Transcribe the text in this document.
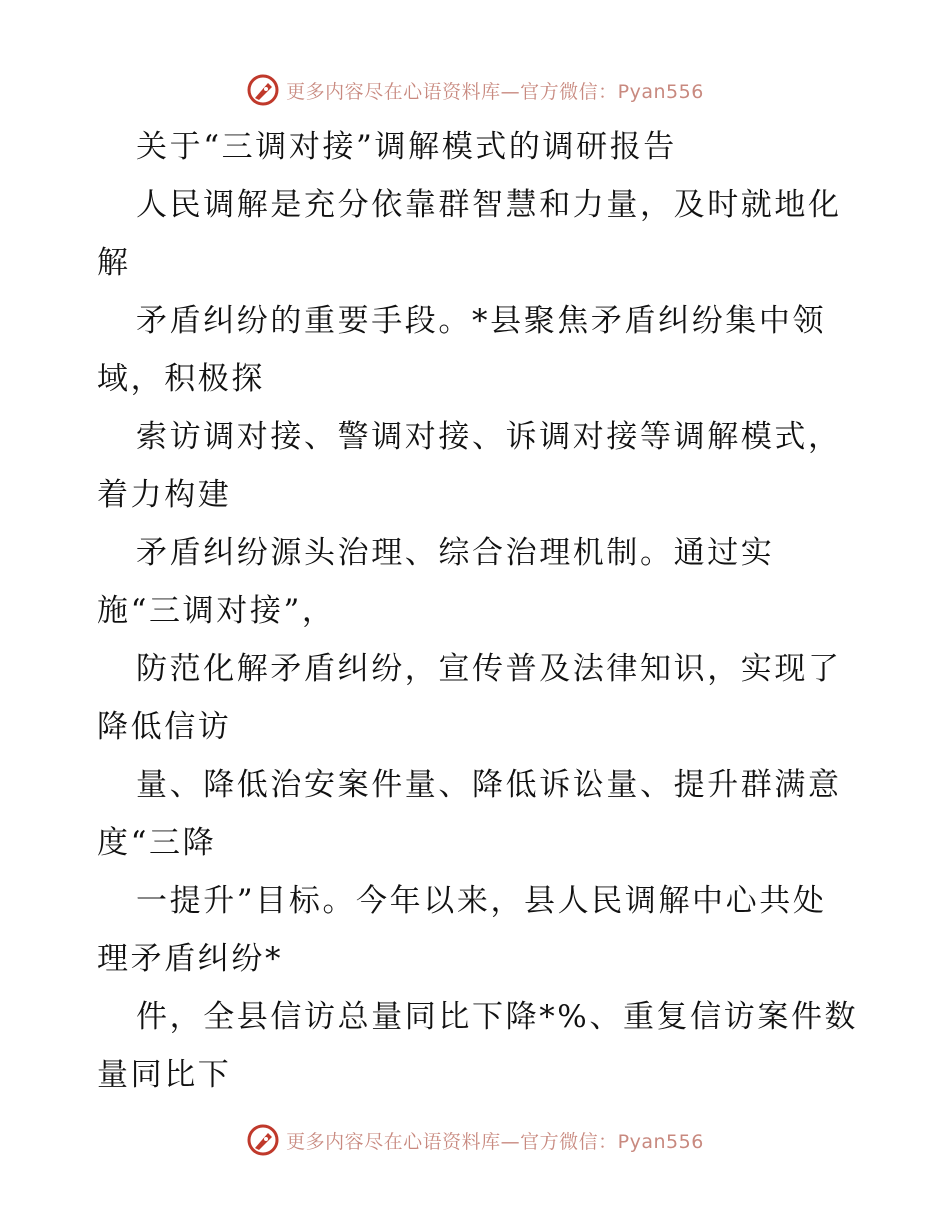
更多内容尽在心语资料库—官方微信：Pyan556
关于“三调对接”调解模式的调研报告
人民调解是充分依靠群智慧和力量，及时就地化
解
矛盾纠纷的重要手段。*县聚焦矛盾纠纷集中领
域，积极探
索访调对接、警调对接、诉调对接等调解模式，
着力构建
矛盾纠纷源头治理、综合治理机制。通过实
施“三调对接”，
防范化解矛盾纠纷，宣传普及法律知识，实现了
降低信访
量、降低治安案件量、降低诉讼量、提升群满意
度“三降
一提升”目标。今年以来，县人民调解中心共处
理矛盾纠纷*
件，全县信访总量同比下降*%、重复信访案件数
量同比下
更多内容尽在心语资料库—官方微信：Pyan556
